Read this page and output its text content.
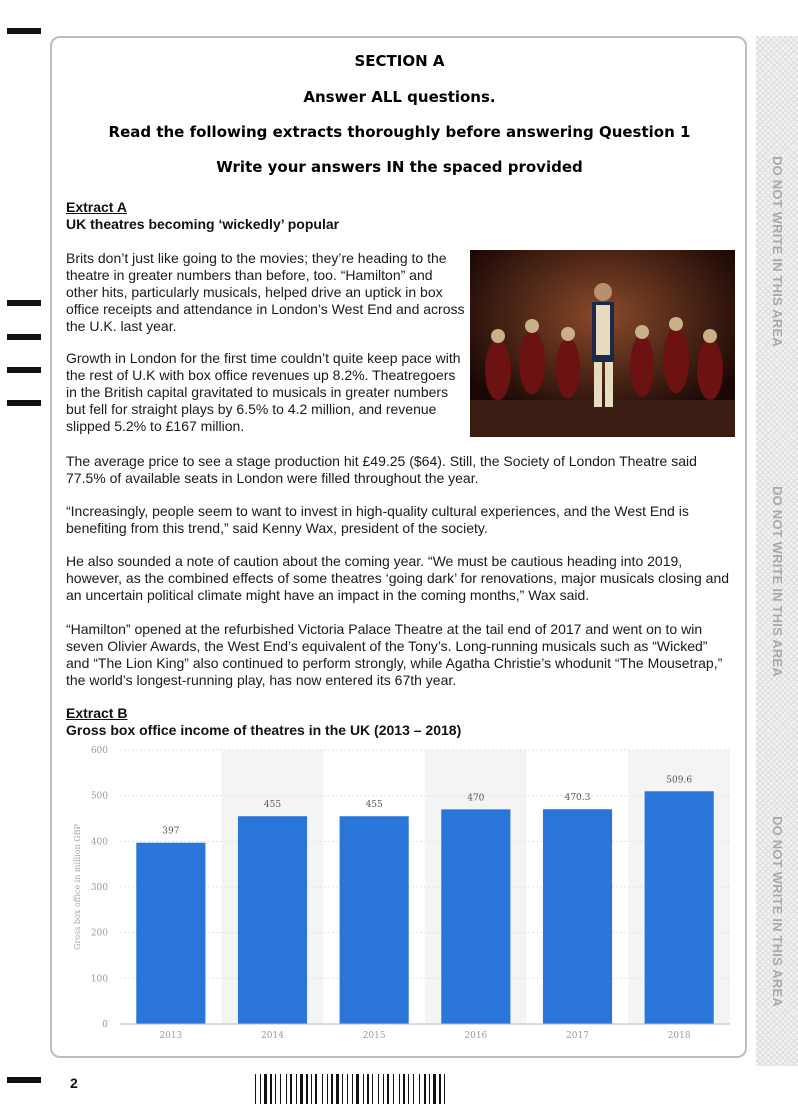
DO NOT WRITE IN THIS AREA
DO NOT WRITE IN THIS AREA
DO NOT WRITE IN THIS AREA
SECTION A
Answer ALL questions.
Read the following extracts thoroughly before answering Question 1
Write your answers IN the spaced provided
Extract A
UK theatres becoming ‘wickedly’ popular

Brits don’t just like going to the movies; they’re heading to the theatre in greater numbers than before, too. “Hamilton” and other hits, particularly musicals, helped drive an uptick in box office receipts and attendance in London’s West End and across the U.K. last year.

Growth in London for the first time couldn’t quite keep pace with the rest of U.K with box office revenues up 8.2%. Theatregoers in the British capital gravitated to musicals in greater numbers but fell for straight plays by 6.5% to 4.2 million, and revenue slipped 5.2% to £167 million.

The average price to see a stage production hit £49.25 ($64). Still, the Society of London Theatre said 77.5% of available seats in London were filled throughout the year.

“Increasingly, people seem to want to invest in high-quality cultural experiences, and the West End is benefiting from this trend,” said Kenny Wax, president of the society.

He also sounded a note of caution about the coming year. “We must be cautious heading into 2019, however, as the combined effects of some theatres ‘going dark’ for renovations, major musicals closing and an uncertain political climate might have an impact in the coming months,” Wax said.

“Hamilton” opened at the refurbished Victoria Palace Theatre at the tail end of 2017 and went on to win seven Olivier Awards, the West End’s equivalent of the Tony’s. Long-running musicals such as “Wicked” and “The Lion King” also continued to perform strongly, while Agatha Christie’s whodunit “The Mousetrap,” the world’s longest-running play, has now entered its 67th year.

Extract B
Gross box office income of theatres in the UK (2013 – 2018)
0
100
200
300
400
500
600
Gross box office in million GBP	397
2013
455
2014
455
2015
470
2016
470.3
2017
509.6
2018
2
